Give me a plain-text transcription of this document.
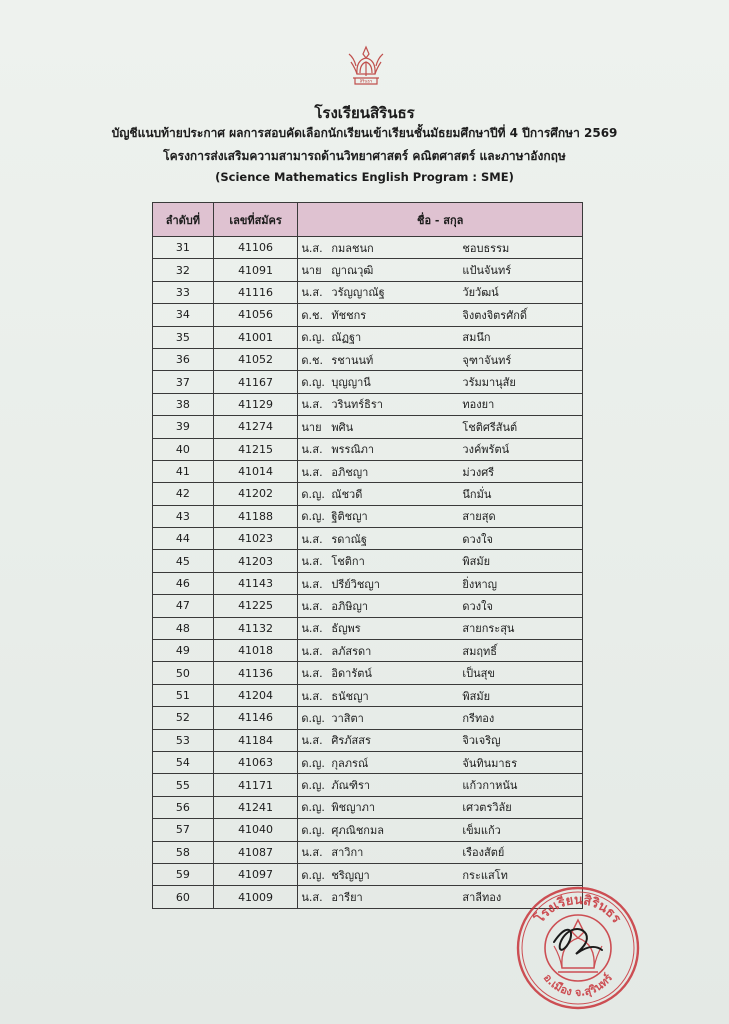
สิรินธร
โรงเรียนสิรินธร
บัญชีแนบท้ายประกาศ ผลการสอบคัดเลือกนักเรียนเข้าเรียนชั้นมัธยมศึกษาปีที่ 4 ปีการศึกษา 2569
โครงการส่งเสริมความสามารถด้านวิทยาศาสตร์ คณิตศาสตร์ และภาษาอังกฤษ
(Science Mathematics English Program : SME)
ลำดับที่	เลขที่สมัคร	ชื่อ - สกุล
31	41106	น.ส. กมลชนก ชอบธรรม

32	41091	นาย ญาณวุฒิ แป้นจันทร์

33	41116	น.ส. วรัญญาณัฐ วัยวัฒน์

34	41056	ด.ช. ทัชชกร จิงตงจิตรศักดิ์

35	41001	ด.ญ. ณัฏฐา สมนึก

36	41052	ด.ช. รชานนท์ จุฑาจันทร์

37	41167	ด.ญ. บุญญานี วรัมมานุสัย

38	41129	น.ส. วรินทร์ธิรา ทองยา

39	41274	นาย พศิน โชติศรีสันต์

40	41215	น.ส. พรรณิภา วงค์พรัตน์

41	41014	น.ส. อภิชญา ม่วงศรี

42	41202	ด.ญ. ณัชวดี นึกมั่น

43	41188	ด.ญ. ฐิติชญา สายสุด

44	41023	น.ส. รดาณัฐ ดวงใจ

45	41203	น.ส. โชติกา พิสมัย

46	41143	น.ส. ปรีย์วิชญา ยิ่งหาญ

47	41225	น.ส. อภิษิญา ดวงใจ

48	41132	น.ส. ธัญพร สายกระสุน

49	41018	น.ส. ลภัสรดา สมฤทธิ์

50	41136	น.ส. อิดารัตน์ เป็นสุข

51	41204	น.ส. ธนัชญา พิสมัย

52	41146	ด.ญ. วาสิตา กรีทอง

53	41184	น.ส. ศิรภัสสร จิวเจริญ

54	41063	ด.ญ. กุลภรณ์ จันทินมาธร

55	41171	ด.ญ. ภัณฑิรา แก้วกาหนัน

56	41241	ด.ญ. พิชญาภา เศวตรวิลัย

57	41040	ด.ญ. ศุภณิชกมล เข็มแก้ว

58	41087	น.ส. สาวิกา เรืองสัตย์

59	41097	ด.ญ. ชริญญา กระแสโท

60	41009	น.ส. อารียา สาลีทอง
โรงเรียนสิรินธร
อ.เมือง จ.สุรินทร์
